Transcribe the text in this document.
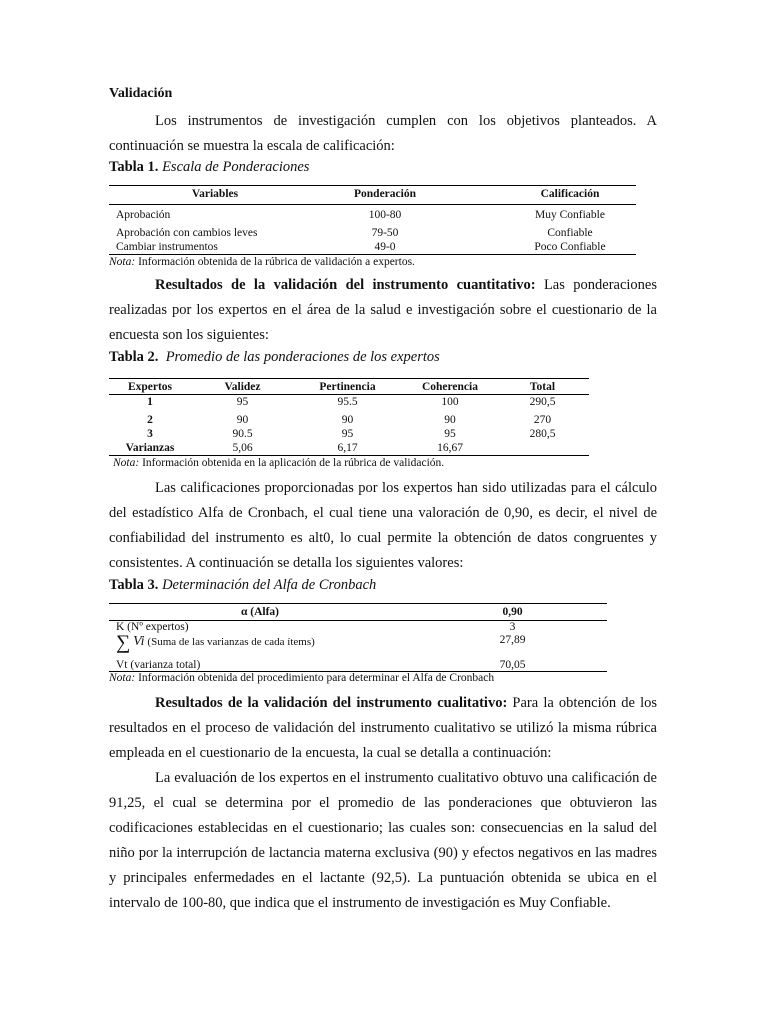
Validación
Los instrumentos de investigación cumplen con los objetivos planteados. A continuación se muestra la escala de calificación:
Tabla 1. Escala de Ponderaciones
Variables	Ponderación	Calificación
Aprobación	100-80	Muy Confiable
Aprobación con cambios leves	79-50	Confiable
Cambiar instrumentos	49-0	Poco Confiable
Nota: Información obtenida de la rúbrica de validación a expertos.
Resultados de la validación del instrumento cuantitativo: Las ponderaciones realizadas por los expertos en el área de la salud e investigación sobre el cuestionario de la encuesta son los siguientes:
Tabla 2. Promedio de las ponderaciones de los expertos
Expertos	Validez	Pertinencia	Coherencia	Total
1	95	95.5	100	290,5
2	90	90	90	270
3	90.5	95	95	280,5
Varianzas	5,06	6,17	16,67
Nota: Información obtenida en la aplicación de la rúbrica de validación.
Las calificaciones proporcionadas por los expertos han sido utilizadas para el cálculo del estadístico Alfa de Cronbach, el cual tiene una valoración de 0,90, es decir, el nivel de confiabilidad del instrumento es alt0, lo cual permite la obtención de datos congruentes y consistentes. A continuación se detalla los siguientes valores:
Tabla 3. Determinación del Alfa de Cronbach
α (Alfa)	0,90
K (Nº expertos)	3
∑ Vi (Suma de las varianzas de cada ítems)	27,89
Vt (varianza total)	70,05
Nota: Información obtenida del procedimiento para determinar el Alfa de Cronbach
Resultados de la validación del instrumento cualitativo: Para la obtención de los resultados en el proceso de validación del instrumento cualitativo se utilizó la misma rúbrica empleada en el cuestionario de la encuesta, la cual se detalla a continuación:
La evaluación de los expertos en el instrumento cualitativo obtuvo una calificación de 91,25, el cual se determina por el promedio de las ponderaciones que obtuvieron las codificaciones establecidas en el cuestionario; las cuales son: consecuencias en la salud del niño por la interrupción de lactancia materna exclusiva (90) y efectos negativos en las madres y principales enfermedades en el lactante (92,5). La puntuación obtenida se ubica en el intervalo de 100-80, que indica que el instrumento de investigación es Muy Confiable.
